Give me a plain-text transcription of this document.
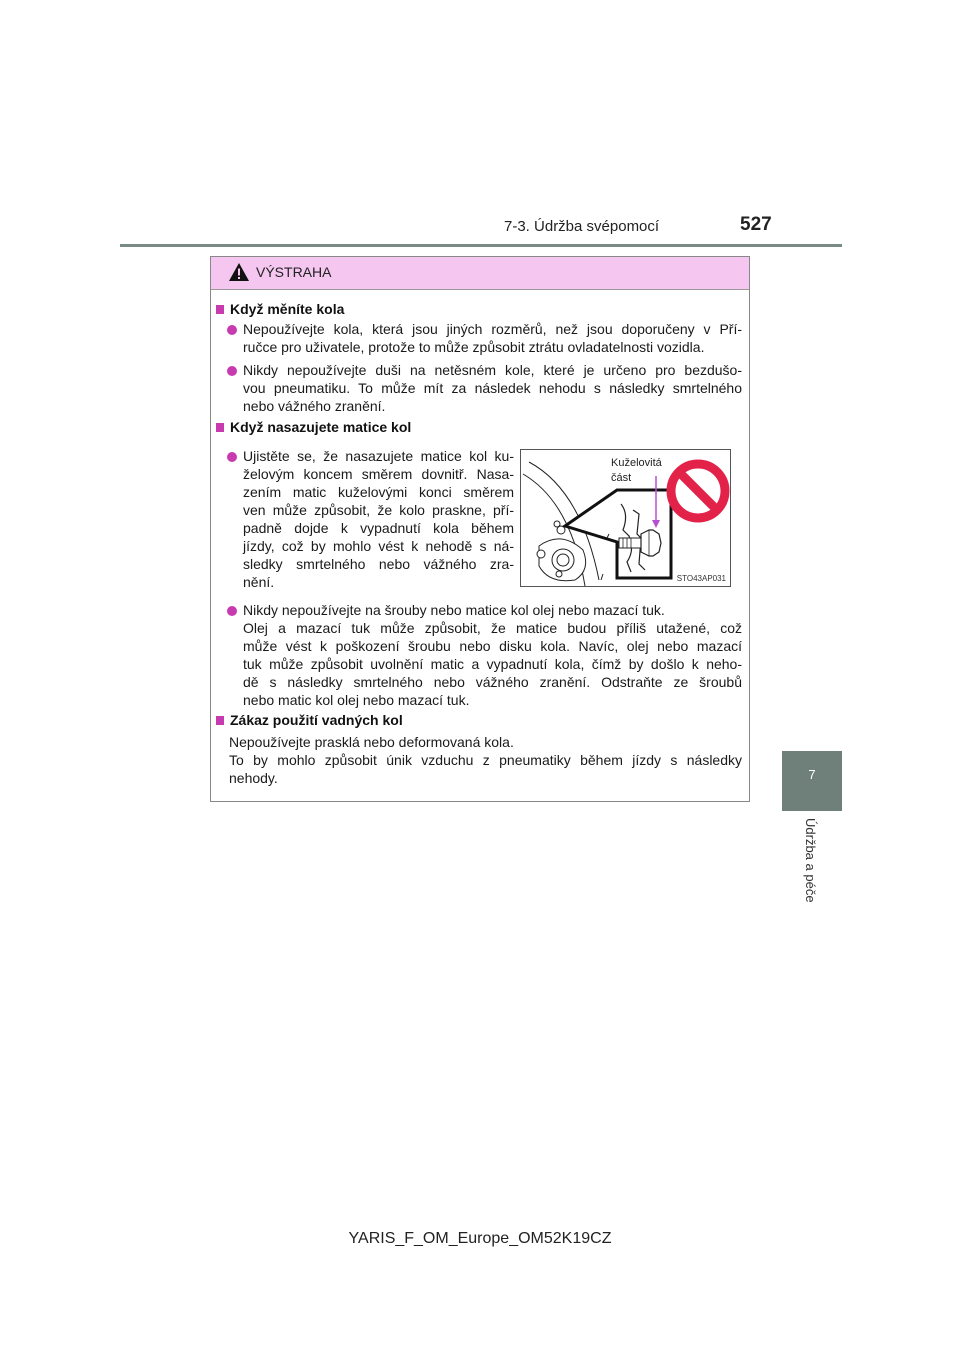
7-3. Údržba svépomocí	527
7
Údržba a péče
VÝSTRAHA
Když měníte kola
Nepoužívejte kola, která jsou jiných rozměrů, než jsou doporučeny v Pří-
ručce pro uživatele, protože to může způsobit ztrátu ovladatelnosti vozidla.
Nikdy nepoužívejte duši na netěsném kole, které je určeno pro bezdušo-
vou pneumatiku. To může mít za následek nehodu s následky smrtelného
nebo vážného zranění.
Když nasazujete matice kol
Ujistěte se, že nasazujete matice kol ku-
želovým koncem směrem dovnitř. Nasa-
zením matic kuželovými konci směrem
ven může způsobit, že kolo praskne, pří-
padně dojde k vypadnutí kola během
jízdy, což by mohlo vést k nehodě s ná-
sledky smrtelného nebo vážného zra-
nění.
Kuželovitá
část
STO43AP031
Nikdy nepoužívejte na šrouby nebo matice kol olej nebo mazací tuk.
Olej a mazací tuk může způsobit, že matice budou příliš utažené, což
může vést k poškození šroubu nebo disku kola. Navíc, olej nebo mazací
tuk může způsobit uvolnění matic a vypadnutí kola, čímž by došlo k neho-
dě s následky smrtelného nebo vážného zranění. Odstraňte ze šroubů
nebo matic kol olej nebo mazací tuk.
Zákaz použití vadných kol
Nepoužívejte prasklá nebo deformovaná kola.
To by mohlo způsobit únik vzduchu z pneumatiky během jízdy s následky
nehody.
YARIS_F_OM_Europe_OM52K19CZ
